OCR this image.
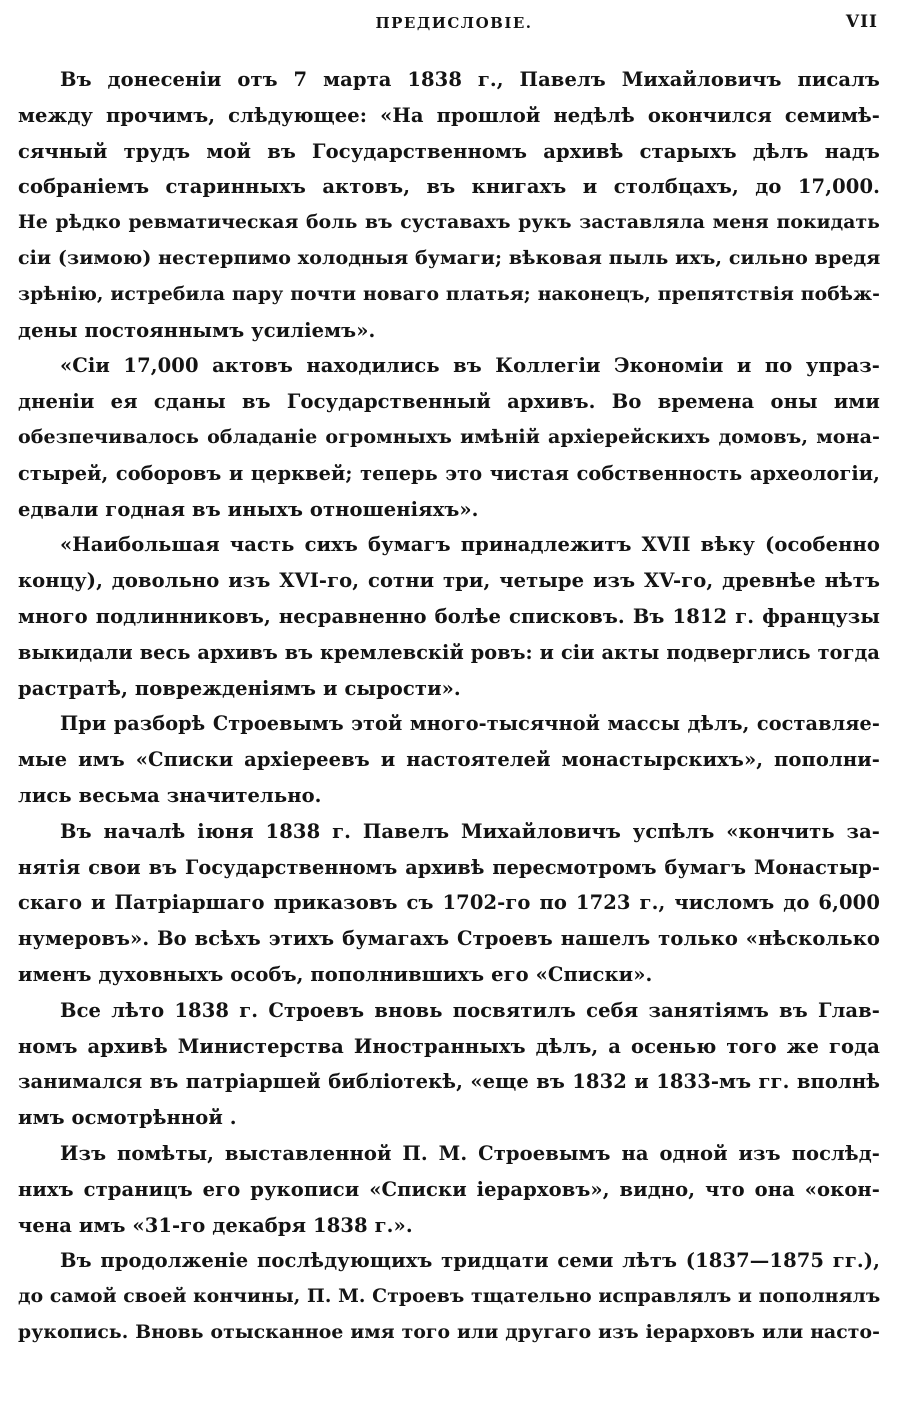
ПРЕДИСЛОВІЕ.	VII
Въ донесеніи отъ 7 марта 1838 г., Павелъ Михайловичъ писалъ
между прочимъ, слѣдующее: «На прошлой недѣлѣ окончился семимѣ-
сячный трудъ мой въ Государственномъ архивѣ старыхъ дѣлъ надъ
собраніемъ старинныхъ актовъ, въ книгахъ и столбцахъ, до 17,000.
Не рѣдко ревматическая боль въ суставахъ рукъ заставляла меня покидать
сіи (зимою) нестерпимо холодныя бумаги; вѣковая пыль ихъ, сильно вредя
зрѣнію, истребила пару почти новаго платья; наконецъ, препятствія побѣж-
дены постояннымъ усиліемъ».
«Сіи 17,000 актовъ находились въ Коллегіи Экономіи и по упраз-
дненіи ея сданы въ Государственный архивъ. Во времена оны ими
обезпечивалось обладаніе огромныхъ имѣній архіерейскихъ домовъ, мона-
стырей, соборовъ и церквей; теперь это чистая собственность археологіи,
едвали годная въ иныхъ отношеніяхъ».
«Наибольшая часть сихъ бумагъ принадлежитъ XVII вѣку (особенно
концу), довольно изъ XVI-го, сотни три, четыре изъ XV-го, древнѣе нѣтъ
много подлинниковъ, несравненно болѣе списковъ. Въ 1812 г. французы
выкидали весь архивъ въ кремлевскій ровъ: и сіи акты подверглись тогда
растратѣ, поврежденіямъ и сырости».
При разборѣ Строевымъ этой много-тысячной массы дѣлъ, составляе-
мые имъ «Списки архіереевъ и настоятелей монастырскихъ», пополни-
лись весьма значительно.
Въ началѣ іюня 1838 г. Павелъ Михайловичъ успѣлъ «кончить за-
нятія свои въ Государственномъ архивѣ пересмотромъ бумагъ Монастыр-
скаго и Патріаршаго приказовъ съ 1702-го по 1723 г., числомъ до 6,000
нумеровъ». Во всѣхъ этихъ бумагахъ Строевъ нашелъ только «нѣсколько
именъ духовныхъ особъ, пополнившихъ его «Списки».
Все лѣто 1838 г. Строевъ вновь посвятилъ себя занятіямъ въ Глав-
номъ архивѣ Министерства Иностранныхъ дѣлъ, а осенью того же года
занимался въ патріаршей библіотекѣ, «еще въ 1832 и 1833-мъ гг. вполнѣ
имъ осмотрѣнной .
Изъ помѣты, выставленной П. М. Строевымъ на одной изъ послѣд-
нихъ страницъ его рукописи «Списки іерарховъ», видно, что она «окон-
чена имъ «31-го декабря 1838 г.».
Въ продолженіе послѣдующихъ тридцати семи лѣтъ (1837—1875 гг.),
до самой своей кончины, П. М. Строевъ тщательно исправлялъ и пополнялъ
рукопись. Вновь отысканное имя того или другаго изъ іерарховъ или насто-
